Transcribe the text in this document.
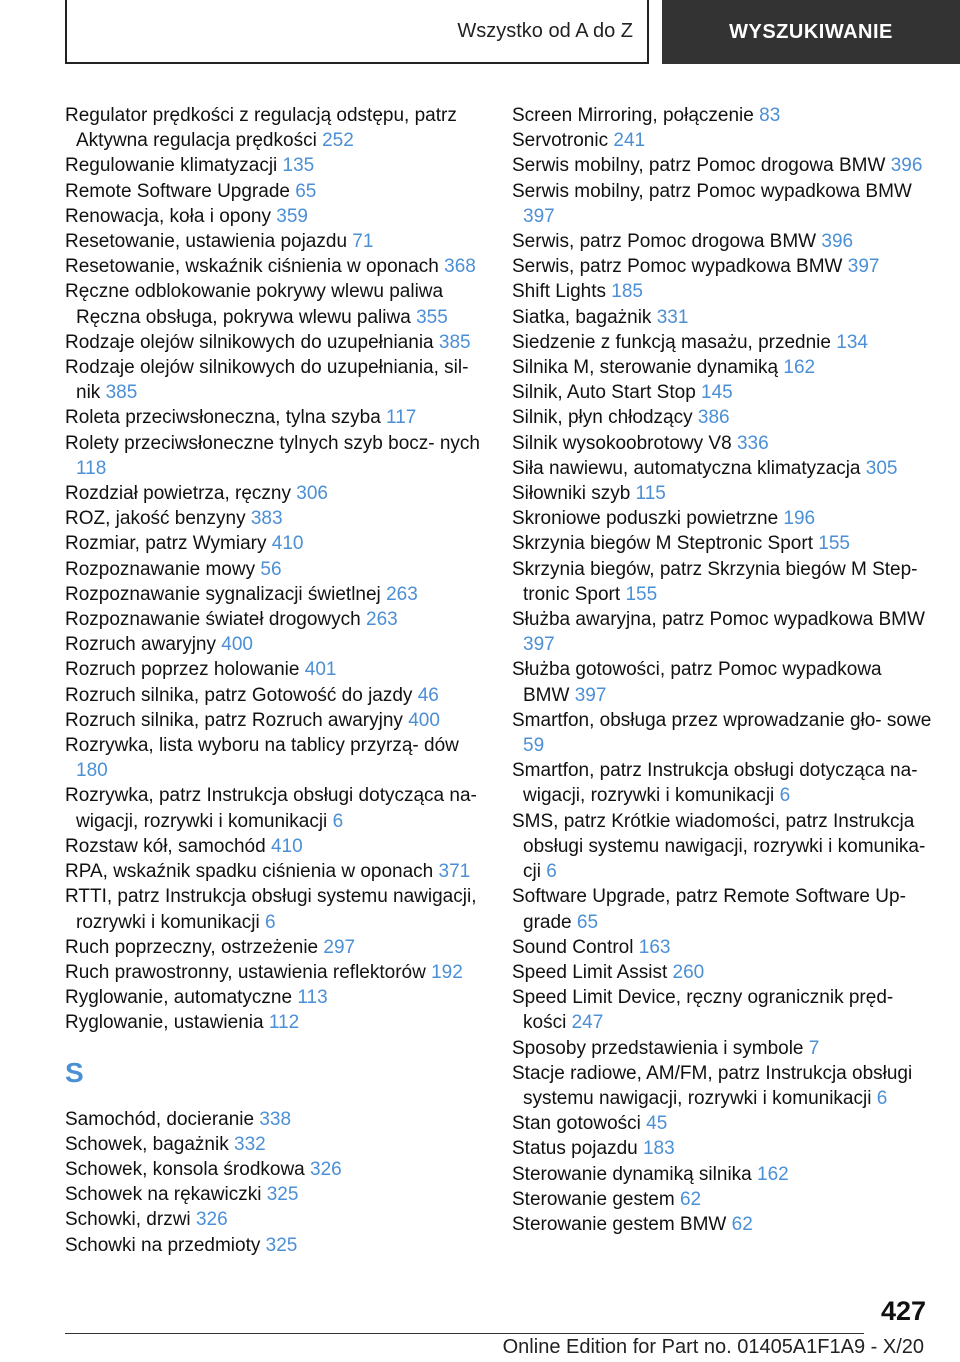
Wszystko od A do Z	WYSZUKIWANIE
Regulator prędkości z regulacją odstępu, patrz Aktywna regulacja prędkości 252
Regulowanie klimatyzacji 135
Remote Software Upgrade 65
Renowacja, koła i opony 359
Resetowanie, ustawienia pojazdu 71
Resetowanie, wskaźnik ciśnienia w oponach 368
Ręczne odblokowanie pokrywy wlewu paliwa Ręczna obsługa, pokrywa wlewu paliwa 355
Rodzaje olejów silnikowych do uzupełniania 385
Rodzaje olejów silnikowych do uzupełniania, sil- nik 385
Roleta przeciwsłoneczna, tylna szyba 117
Rolety przeciwsłoneczne tylnych szyb bocz- nych 118
Rozdział powietrza, ręczny 306
ROZ, jakość benzyny 383
Rozmiar, patrz Wymiary 410
Rozpoznawanie mowy 56
Rozpoznawanie sygnalizacji świetlnej 263
Rozpoznawanie świateł drogowych 263
Rozruch awaryjny 400
Rozruch poprzez holowanie 401
Rozruch silnika, patrz Gotowość do jazdy 46
Rozruch silnika, patrz Rozruch awaryjny 400
Rozrywka, lista wyboru na tablicy przyrzą- dów 180
Rozrywka, patrz Instrukcja obsługi dotycząca na- wigacji, rozrywki i komunikacji 6
Rozstaw kół, samochód 410
RPA, wskaźnik spadku ciśnienia w oponach 371
RTTI, patrz Instrukcja obsługi systemu nawigacji, rozrywki i komunikacji 6
Ruch poprzeczny, ostrzeżenie 297
Ruch prawostronny, ustawienia reflektorów 192
Ryglowanie, automatyczne 113
Ryglowanie, ustawienia 112
S
Samochód, docieranie 338
Schowek, bagażnik 332
Schowek, konsola środkowa 326
Schowek na rękawiczki 325
Schowki, drzwi 326
Schowki na przedmioty 325
Screen Mirroring, połączenie 83
Servotronic 241
Serwis mobilny, patrz Pomoc drogowa BMW 396
Serwis mobilny, patrz Pomoc wypadkowa BMW 397
Serwis, patrz Pomoc drogowa BMW 396
Serwis, patrz Pomoc wypadkowa BMW 397
Shift Lights 185
Siatka, bagażnik 331
Siedzenie z funkcją masażu, przednie 134
Silnika M, sterowanie dynamiką 162
Silnik, Auto Start Stop 145
Silnik, płyn chłodzący 386
Silnik wysokoobrotowy V8 336
Siła nawiewu, automatyczna klimatyzacja 305
Siłowniki szyb 115
Skroniowe poduszki powietrzne 196
Skrzynia biegów M Steptronic Sport 155
Skrzynia biegów, patrz Skrzynia biegów M Step- tronic Sport 155
Służba awaryjna, patrz Pomoc wypadkowa BMW 397
Służba gotowości, patrz Pomoc wypadkowa BMW 397
Smartfon, obsługa przez wprowadzanie gło- sowe 59
Smartfon, patrz Instrukcja obsługi dotycząca na- wigacji, rozrywki i komunikacji 6
SMS, patrz Krótkie wiadomości, patrz Instrukcja obsługi systemu nawigacji, rozrywki i komunika- cji 6
Software Upgrade, patrz Remote Software Up- grade 65
Sound Control 163
Speed Limit Assist 260
Speed Limit Device, ręczny ogranicznik pręd- kości 247
Sposoby przedstawienia i symbole 7
Stacje radiowe, AM/FM, patrz Instrukcja obsługi systemu nawigacji, rozrywki i komunikacji 6
Stan gotowości 45
Status pojazdu 183
Sterowanie dynamiką silnika 162
Sterowanie gestem 62
Sterowanie gestem BMW 62
427
Online Edition for Part no. 01405A1F1A9 - X/20
